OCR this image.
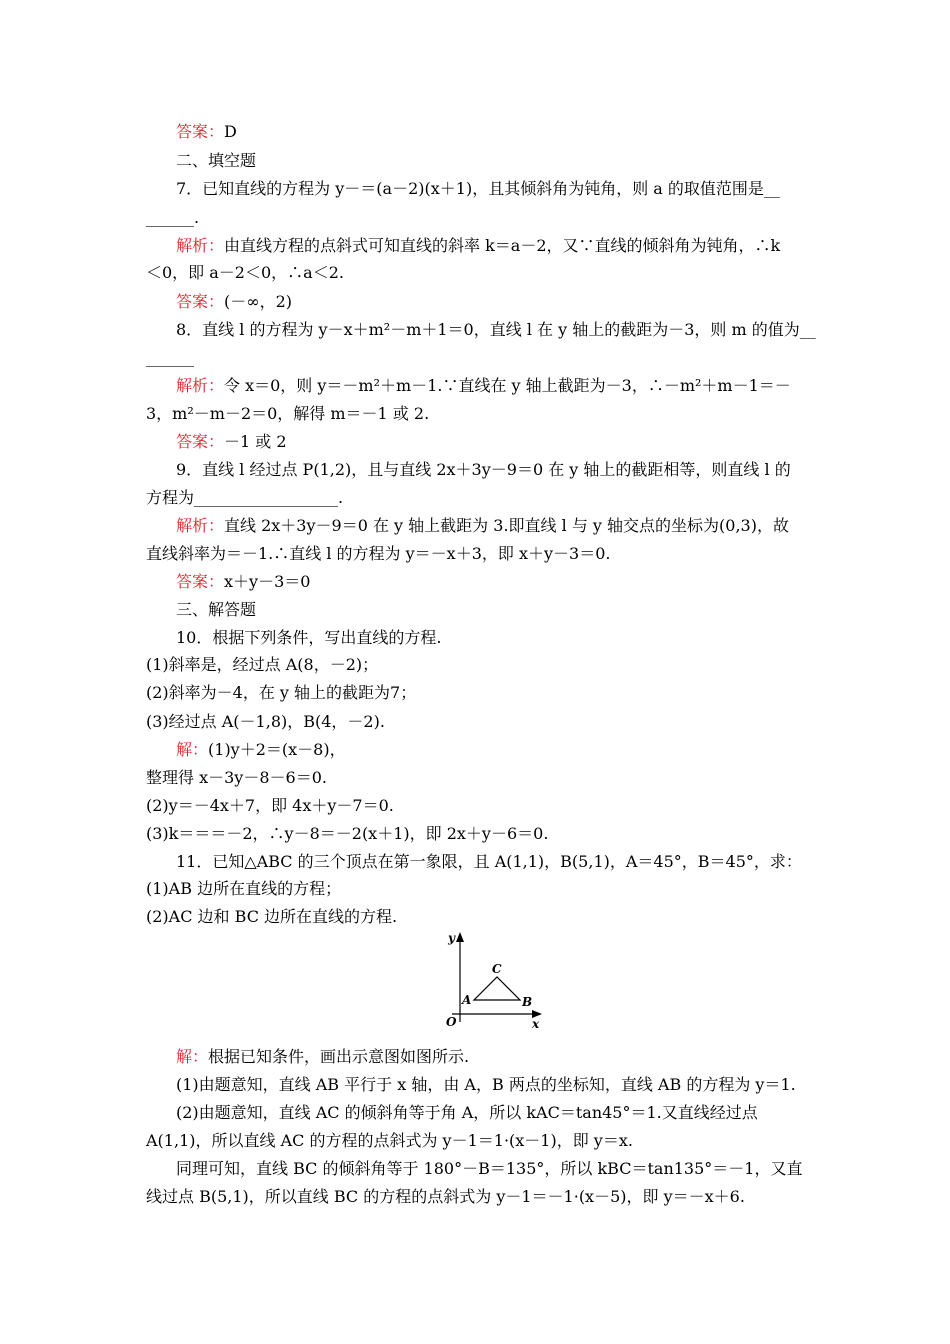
答案：D
二、填空题
7．已知直线的方程为 y－＝(a－2)(x＋1)，且其倾斜角为钝角，则 a 的取值范围是__
______.
解析：由直线方程的点斜式可知直线的斜率 k＝a－2，又∵直线的倾斜角为钝角，∴k
＜0，即 a－2＜0，∴a＜2.
答案：(－∞，2)
8．直线 l 的方程为 y－x＋m²－m＋1＝0，直线 l 在 y 轴上的截距为－3，则 m 的值为__
______
解析：令 x＝0，则 y＝－m²＋m－1.∵直线在 y 轴上截距为－3，∴－m²＋m－1＝－
3，m²－m－2＝0，解得 m＝－1 或 2.
答案：－1 或 2
9．直线 l 经过点 P(1,2)，且与直线 2x＋3y－9＝0 在 y 轴上的截距相等，则直线 l 的
方程为__________________.
解析：直线 2x＋3y－9＝0 在 y 轴上截距为 3.即直线 l 与 y 轴交点的坐标为(0,3)，故
直线斜率为＝－1.∴直线 l 的方程为 y＝－x＋3，即 x＋y－3＝0.
答案：x＋y－3＝0
三、解答题
10．根据下列条件，写出直线的方程.
(1)斜率是，经过点 A(8，－2)；
(2)斜率为－4，在 y 轴上的截距为7；
(3)经过点 A(－1,8)，B(4，－2).
解：(1)y＋2＝(x－8)，
整理得 x－3y－8－6＝0.
(2)y＝－4x＋7，即 4x＋y－7＝0.
(3)k＝＝＝－2，∴y－8＝－2(x＋1)，即 2x＋y－6＝0.
11．已知△ABC 的三个顶点在第一象限，且 A(1,1)，B(5,1)，A＝45°，B＝45°，求：
(1)AB 边所在直线的方程；
(2)AC 边和 BC 边所在直线的方程.
y
x
O
A	B
C
解：根据已知条件，画出示意图如图所示.
(1)由题意知，直线 AB 平行于 x 轴，由 A，B 两点的坐标知，直线 AB 的方程为 y＝1.
(2)由题意知，直线 AC 的倾斜角等于角 A，所以 kAC＝tan45°＝1.又直线经过点
A(1,1)，所以直线 AC 的方程的点斜式为 y－1＝1·(x－1)，即 y＝x.
同理可知，直线 BC 的倾斜角等于 180°－B＝135°，所以 kBC＝tan135°＝－1，又直
线过点 B(5,1)，所以直线 BC 的方程的点斜式为 y－1＝－1·(x－5)，即 y＝－x＋6.
